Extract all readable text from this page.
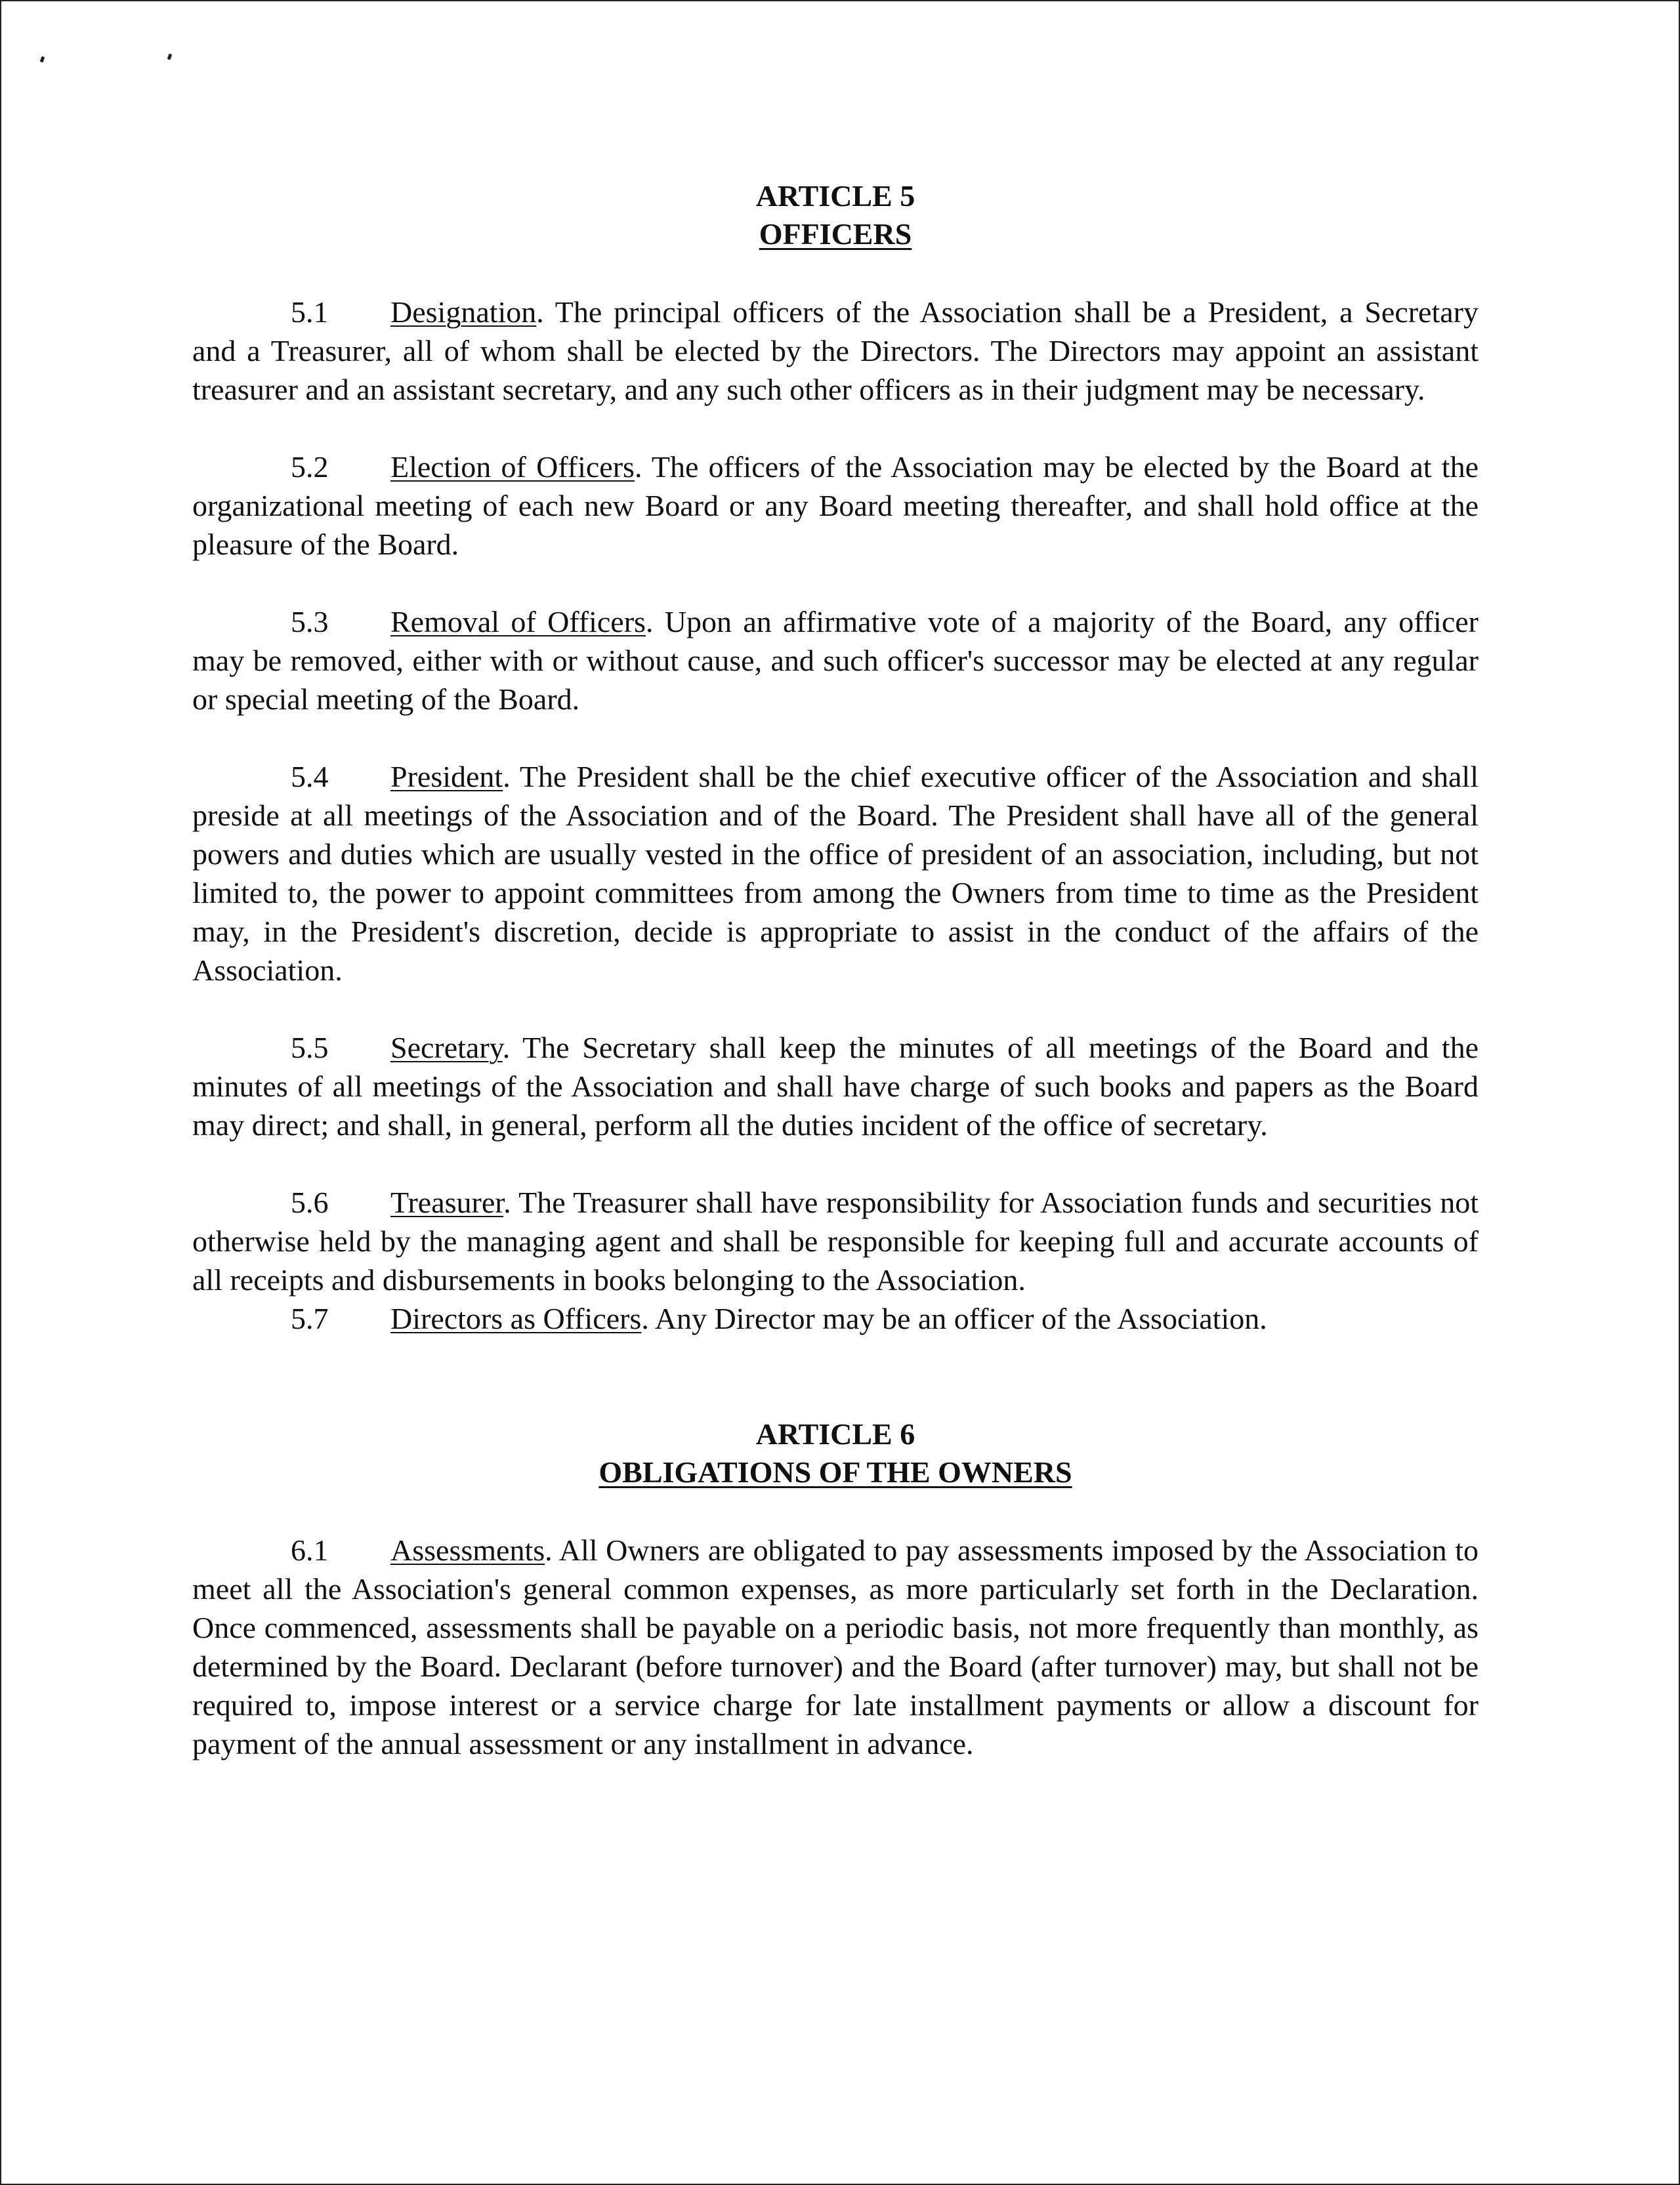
ARTICLE 5
OFFICERS

5.1 Designation. The principal officers of the Association shall be a President, a Secretary and a Treasurer, all of whom shall be elected by the Directors. The Directors may appoint an assistant treasurer and an assistant secretary, and any such other officers as in their judgment may be necessary.

5.2 Election of Officers. The officers of the Association may be elected by the Board at the organizational meeting of each new Board or any Board meeting thereafter, and shall hold office at the pleasure of the Board.

5.3 Removal of Officers. Upon an affirmative vote of a majority of the Board, any officer may be removed, either with or without cause, and such officer's successor may be elected at any regular or special meeting of the Board.

5.4 President. The President shall be the chief executive officer of the Association and shall preside at all meetings of the Association and of the Board. The President shall have all of the general powers and duties which are usually vested in the office of president of an association, including, but not limited to, the power to appoint committees from among the Owners from time to time as the President may, in the President's discretion, decide is appropriate to assist in the conduct of the affairs of the Association.

5.5 Secretary. The Secretary shall keep the minutes of all meetings of the Board and the minutes of all meetings of the Association and shall have charge of such books and papers as the Board may direct; and shall, in general, perform all the duties incident of the office of secretary.

5.6 Treasurer. The Treasurer shall have responsibility for Association funds and securities not otherwise held by the managing agent and shall be responsible for keeping full and accurate accounts of all receipts and disbursements in books belonging to the Association.

5.7 Directors as Officers. Any Director may be an officer of the Association.

ARTICLE 6
OBLIGATIONS OF THE OWNERS

6.1 Assessments. All Owners are obligated to pay assessments imposed by the Association to meet all the Association's general common expenses, as more particularly set forth in the Declaration. Once commenced, assessments shall be payable on a periodic basis, not more frequently than monthly, as determined by the Board. Declarant (before turnover) and the Board (after turnover) may, but shall not be required to, impose interest or a service charge for late installment payments or allow a discount for payment of the annual assessment or any installment in advance.
